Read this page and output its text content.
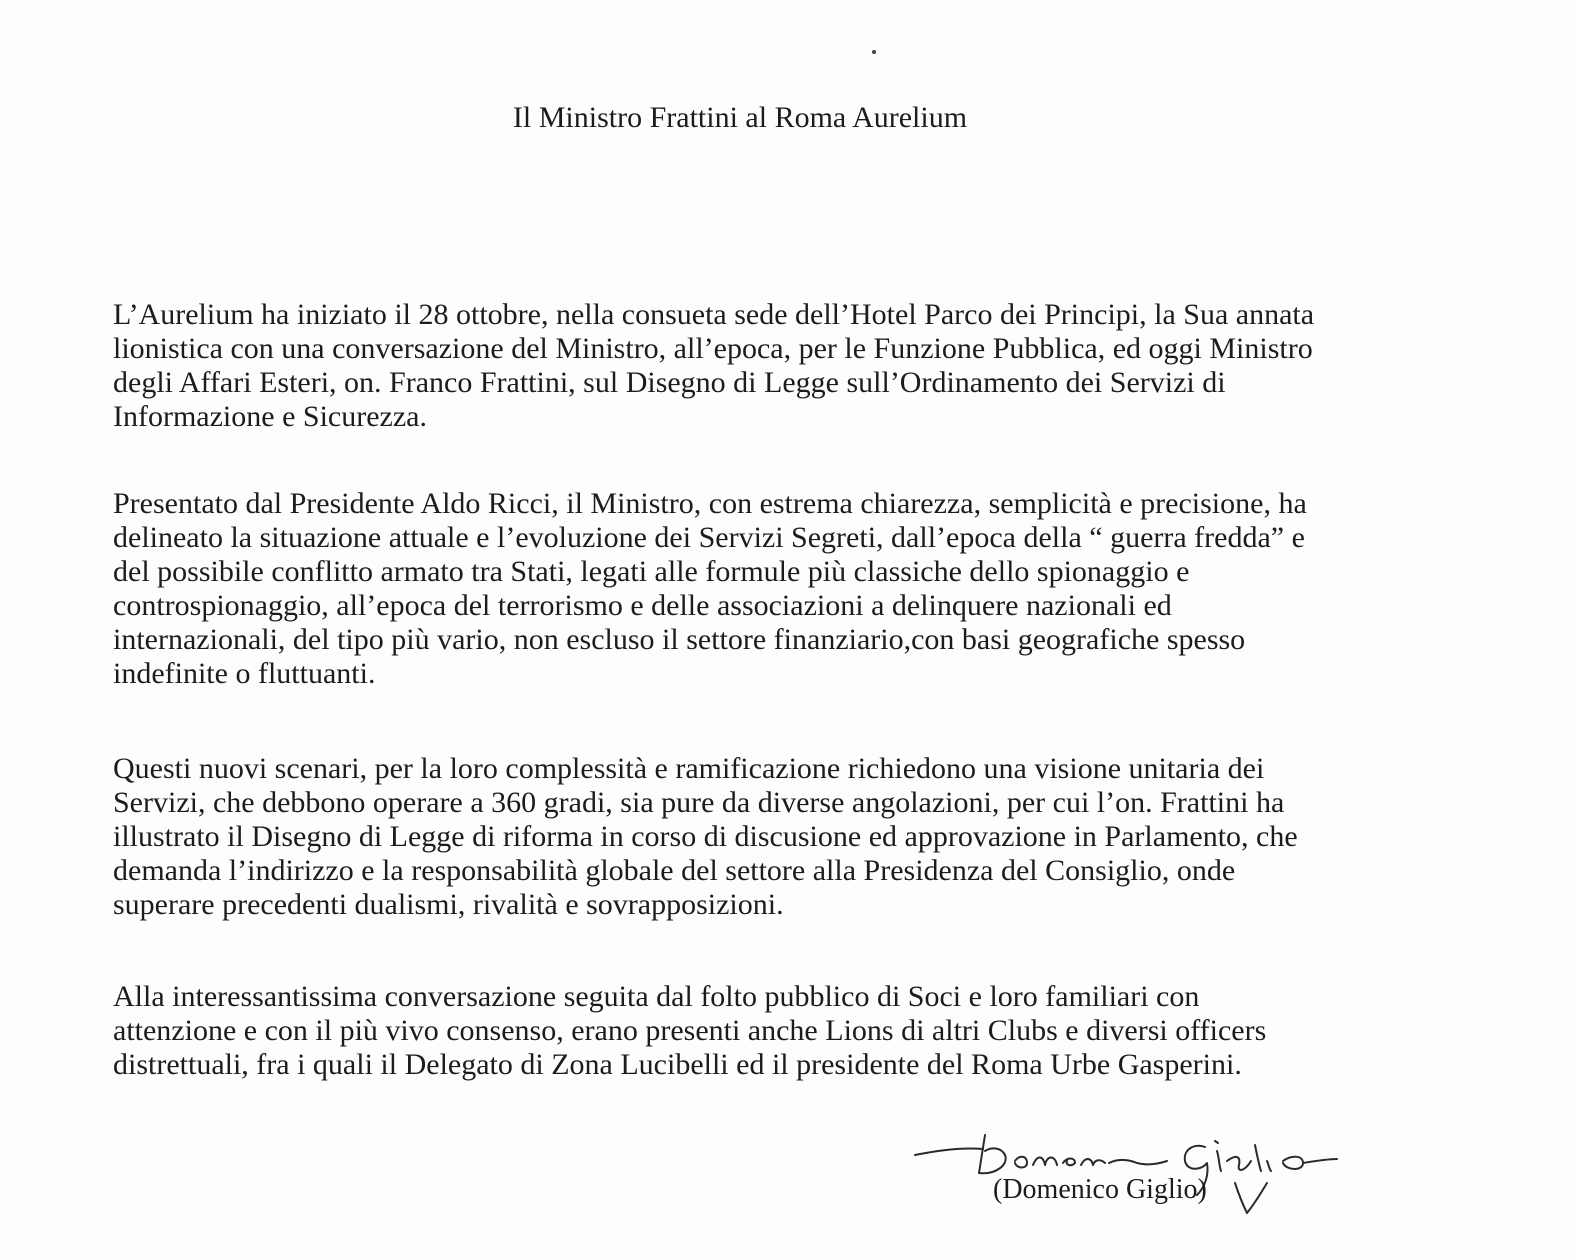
Il Ministro Frattini al Roma Aurelium

L’Aurelium ha iniziato il 28 ottobre, nella consueta sede dell’Hotel Parco dei Principi, la Sua annata
lionistica con una conversazione del Ministro, all’epoca, per le Funzione Pubblica, ed oggi Ministro
degli Affari Esteri, on. Franco Frattini, sul Disegno di Legge sull’Ordinamento dei Servizi di
Informazione e Sicurezza.

Presentato dal Presidente Aldo Ricci, il Ministro, con estrema chiarezza, semplicità e precisione, ha
delineato la situazione attuale e l’evoluzione dei Servizi Segreti, dall’epoca della “ guerra fredda” e
del possibile conflitto armato tra Stati, legati alle formule più classiche dello spionaggio e
controspionaggio, all’epoca del terrorismo e delle associazioni a delinquere nazionali ed
internazionali, del tipo più vario, non escluso il settore finanziario,con basi geografiche spesso
indefinite o fluttuanti.

Questi nuovi scenari, per la loro complessità e ramificazione richiedono una visione unitaria dei
Servizi, che debbono operare a 360 gradi, sia pure da diverse angolazioni, per cui l’on. Frattini ha
illustrato il Disegno di Legge di riforma in corso di discusione ed approvazione in Parlamento, che
demanda l’indirizzo e la responsabilità globale del settore alla Presidenza del Consiglio, onde
superare precedenti dualismi, rivalità e sovrapposizioni.

Alla interessantissima conversazione seguita dal folto pubblico di Soci e loro familiari con
attenzione e con il più vivo consenso, erano presenti anche Lions di altri Clubs e diversi officers
distrettuali, fra i quali il Delegato di Zona Lucibelli ed il presidente del Roma Urbe Gasperini.

(Domenico Giglio)
